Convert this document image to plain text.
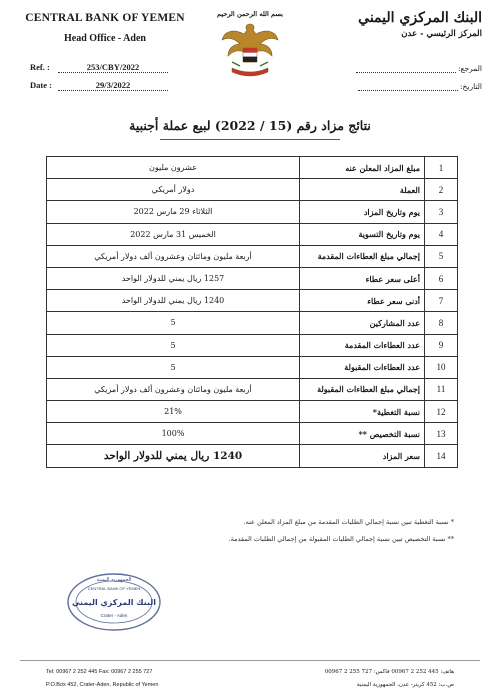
CENTRAL BANK OF YEMEN
Head Office - Aden
Ref. :	253/CBY/2022
Date :	29/3/2022
بسم الله الرحمن الرحيم	البنك المركزي اليمني
المركز الرئيسي - عدن
المرجع:
التاريخ:
نتائج مزاد رقم (15 / 2022) لبيع عملة أجنبية
1	مبلغ المزاد المعلن عنه	عشرون مليون
2	العملة	دولار أمريكي
3	يوم وتاريخ المزاد	الثلاثاء 29 مارس 2022
4	يوم وتاريخ التسوية	الخميس 31 مارس 2022
5	إجمالي مبلغ العطاءات المقدمة	أربعة مليون ومائتان وعشرون ألف دولار أمريكي
6	أعلى سعر عطاء	1257 ريال يمني للدولار الواحد
7	أدنى سعر عطاء	1240 ريال يمني للدولار الواحد
8	عدد المشاركين	5
9	عدد العطاءات المقدمة	5
10	عدد العطاءات المقبولة	5
11	إجمالي مبلغ العطاءات المقبولة	أربعة مليون ومائتان وعشرون ألف دولار أمريكي
12	نسبة التغطية*	21%
13	نسبة التخصيص **	100%
14	سعر المزاد	1240 ريال يمني للدولار الواحد
* نسبة التغطية تبين نسبة إجمالي الطلبات المقدمة من مبلغ المزاد المعلن عنه.
** نسبة التخصيص تبين نسبة إجمالي الطلبات المقبولة من إجمالي الطلبات المقدمة.
الجمهورية اليمنية
CENTRAL BANK OF YEMEN
البنك المركزي اليمني
Crater - Aden
Tel: 00967 2 252 445 Fax: 00967 2 255 727
P.O.Box 452, Crater-Aden, Republic of Yemen
هاتف: 445 252 2 00967 فاكس: 727 255 2 00967
ص.ب: 452 كريتر- عدن، الجمهورية اليمنية
